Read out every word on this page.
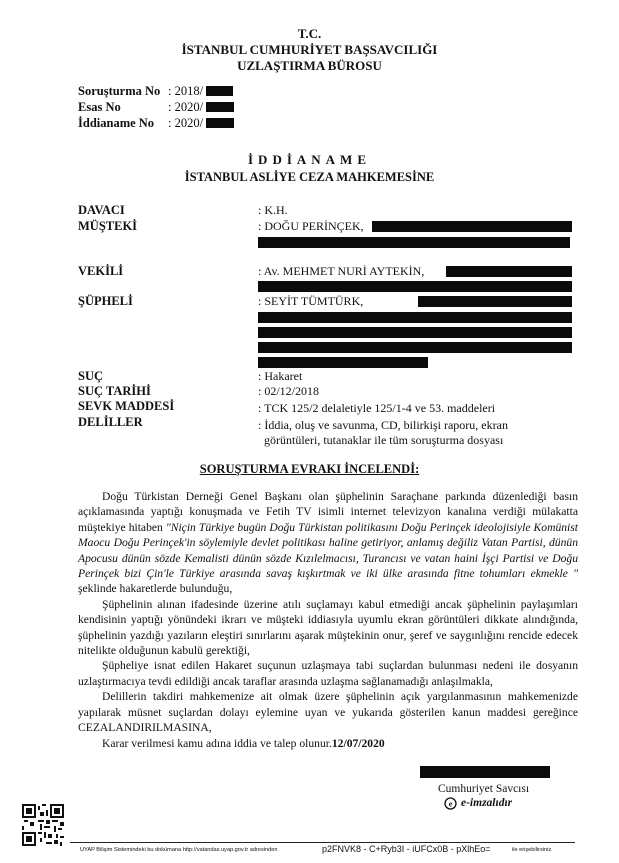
T.C.
İSTANBUL CUMHURİYET BAŞSAVCILIĞI
UZLAŞTIRMA BÜROSU
Soruşturma No : 2018/
Esas No	: 2020/
İddianame No : 2020/
İDDİANAME
İSTANBUL ASLİYE CEZA MAHKEMESİNE
DAVACI	: K.H.
MÜŞTEKİ	: DOĞU PERİNÇEK,
VEKİLİ	: Av. MEHMET NURİ AYTEKİN,
ŞÜPHELİ	: SEYİT TÜMTÜRK,
SUÇ	: Hakaret
SUÇ TARİHİ	: 02/12/2018
SEVK MADDESİ	: TCK 125/2 delaletiyle 125/1-4 ve 53. maddeleri
DELİLLER	: İddia, oluş ve savunma, CD, bilirkişi raporu, ekran
görüntüleri, tutanaklar ile tüm soruşturma dosyası
SORUŞTURMA EVRAKI İNCELENDİ:

Doğu Türkistan Derneği Genel Başkanı olan şüphelinin Saraçhane parkında düzenlediği basın açıklamasında yaptığı konuşmada ve Fetih TV isimli internet televizyon kanalına verdiği mülakatta müştekiye hitaben "Niçin Türkiye bugün Doğu Türkistan politikasını Doğu Perinçek ideolojisiyle Komünist Maocu Doğu Perinçek'in söylemiyle devlet politikası haline getiriyor, anlamış değiliz Vatan Partisi, dünün Apocusu dünün sözde Kemalisti dünün sözde Kızılelmacısı, Turancısı ve vatan haini İşçi Partisi ve Doğu Perinçek bizi Çin'le Türkiye arasında savaş kışkırtmak ve iki ülke arasında fitne tohumları ekmekle " şeklinde hakaretlerde bulunduğu,

Şüphelinin alınan ifadesinde üzerine atılı suçlamayı kabul etmediği ancak şüphelinin paylaşımları kendisinin yaptığı yönündeki ikrarı ve müşteki iddiasıyla uyumlu ekran görüntüleri dikkate alındığında, şüphelinin yazdığı yazıların eleştiri sınırlarını aşarak müştekinin onur, şeref ve saygınlığını rencide edecek nitelikte olduğunun kabulü gerektiği,

Şüpheliye isnat edilen Hakaret suçunun uzlaşmaya tabi suçlardan bulunması nedeni ile dosyanın uzlaştırmacıya tevdi edildiği ancak taraflar arasında uzlaşma sağlanamadığı anlaşılmakla,

Delillerin takdiri mahkemenize ait olmak üzere şüphelinin açık yargılanmasının mahkemenizde yapılarak müsnet suçlardan dolayı eylemine uyan ve yukarıda gösterilen kanun maddesi gereğince CEZALANDIRILMASINA,

Karar verilmesi kamu adına iddia ve talep olunur.12/07/2020

Cumhuriyet Savcısı
e e-imzalıdır
UYAP Bilişim Sistemindeki bu dokümana http://vatandas.uyap.gov.tr adresinden	p2FNVK8 - C+Ryb3I - iUFCx0B - pXlhEo=	ile erişebilirsiniz.
